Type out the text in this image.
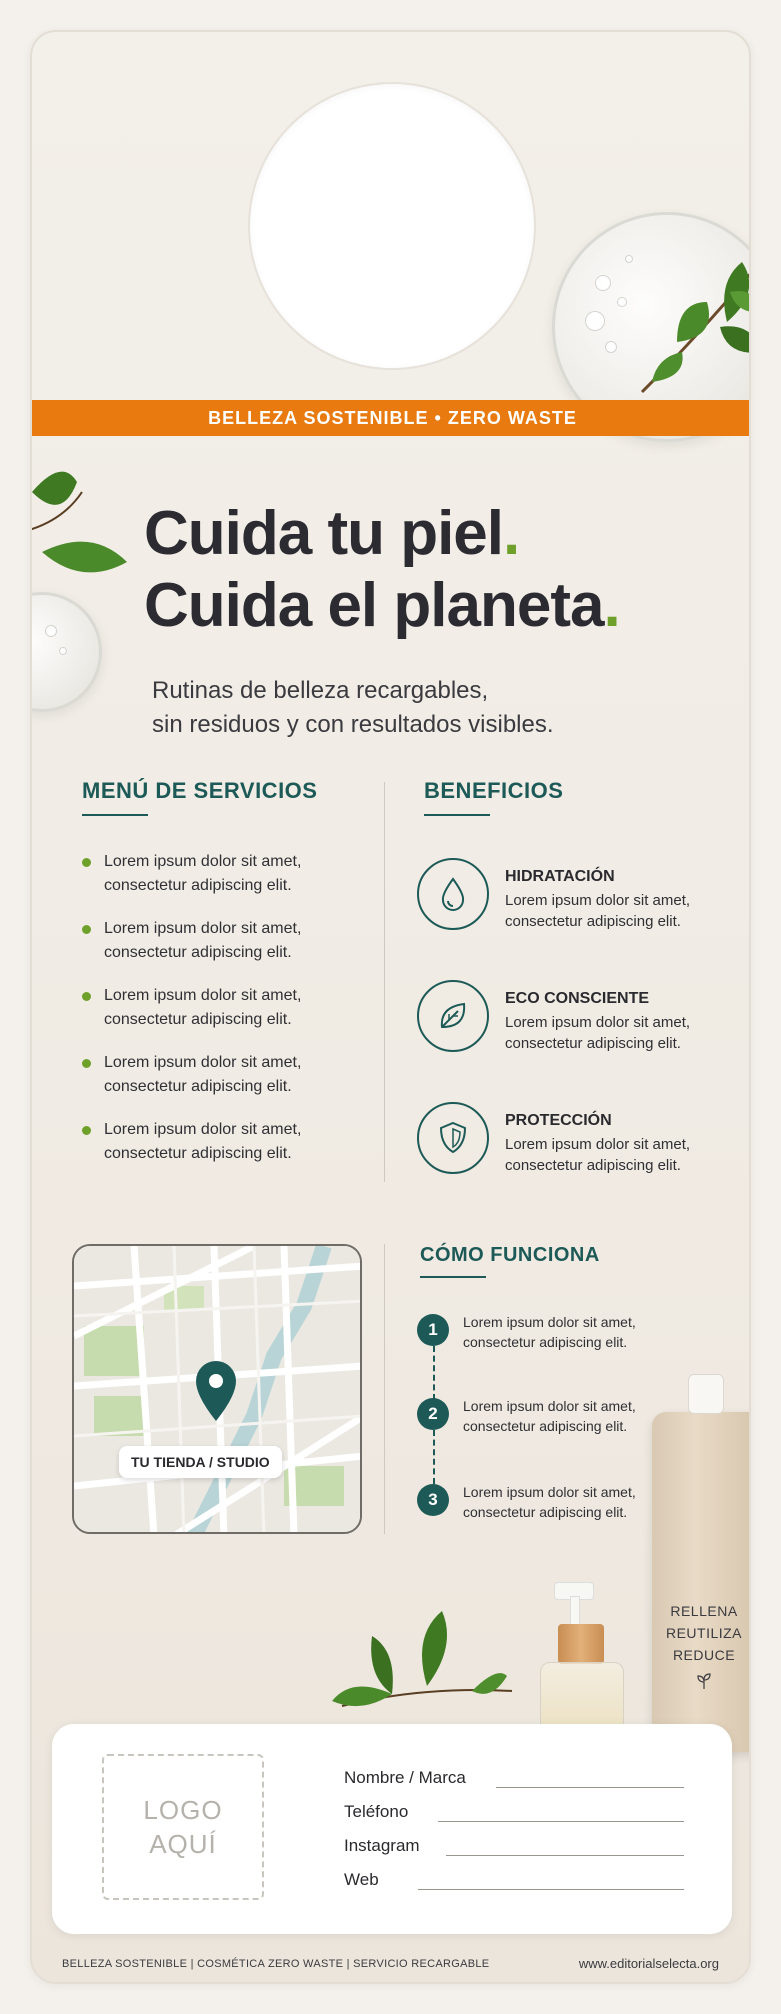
BELLEZA SOSTENIBLE • ZERO WASTE
Cuida tu piel.
Cuida el planeta.
Rutinas de belleza recargables,
sin residuos y con resultados visibles.
MENÚ DE SERVICIOS
Lorem ipsum dolor sit amet, consectetur adipiscing elit.
Lorem ipsum dolor sit amet, consectetur adipiscing elit.
Lorem ipsum dolor sit amet, consectetur adipiscing elit.
Lorem ipsum dolor sit amet, consectetur adipiscing elit.
Lorem ipsum dolor sit amet, consectetur adipiscing elit.
BENEFICIOS
HIDRATACIÓN
Lorem ipsum dolor sit amet, consectetur adipiscing elit.
ECO CONSCIENTE
Lorem ipsum dolor sit amet, consectetur adipiscing elit.
PROTECCIÓN
Lorem ipsum dolor sit amet, consectetur adipiscing elit.
TU TIENDA / STUDIO
CÓMO FUNCIONA
1	Lorem ipsum dolor sit amet, consectetur adipiscing elit.
2	Lorem ipsum dolor sit amet, consectetur adipiscing elit.
3	Lorem ipsum dolor sit amet, consectetur adipiscing elit.
RELLENA
REUTILIZA
REDUCE
LOGO
AQUÍ
Nombre / Marca
Teléfono
Instagram
Web
BELLEZA SOSTENIBLE | COSMÉTICA ZERO WASTE | SERVICIO RECARGABLE	www.editorialselecta.org
